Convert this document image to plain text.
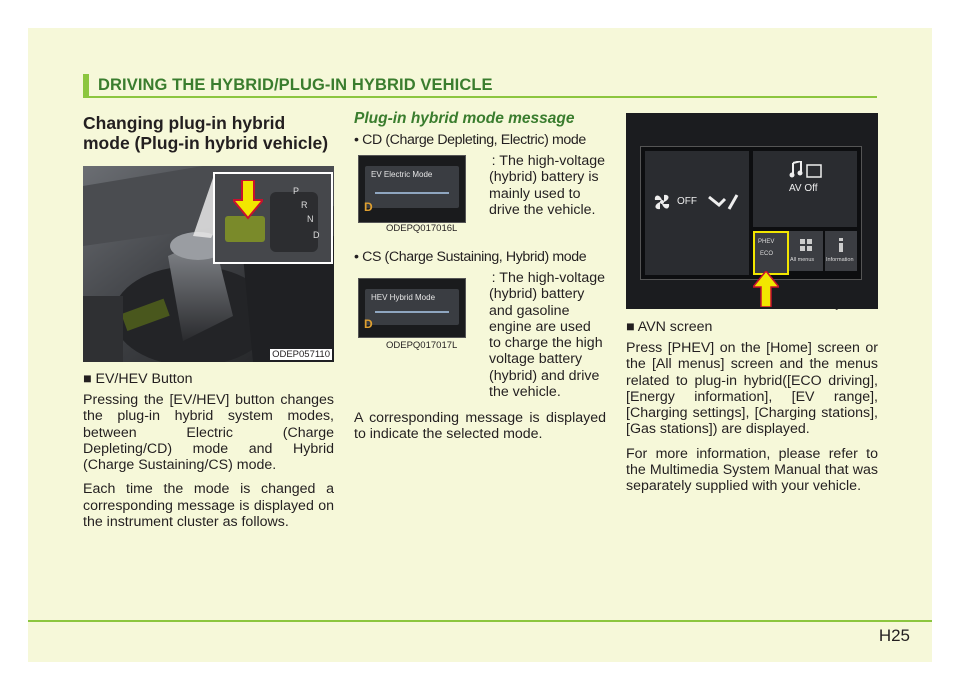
DRIVING THE HYBRID/PLUG-IN HYBRID VEHICLE
Changing plug-in hybrid mode (Plug-in hybrid vehicle)
P
R
N
D
ODEP057110
■ EV/HEV Button

Pressing the [EV/HEV] button changes the plug-in hybrid system modes, between Electric (Charge Depleting/CD) mode and Hybrid (Charge Sustaining/CS) mode.

Each time the mode is changed a corresponding message is displayed on the instrument cluster as follows.

Plug-in hybrid mode message
• CD (Charge Depleting, Electric) mode
EV Electric Mode
D
ODEPQ017016L
: The high-voltage
(hybrid) battery is
mainly used to
drive the vehicle.
• CS (Charge Sustaining, Hybrid) mode
HEV Hybrid Mode
D
ODEPQ017017L
: The high-voltage
(hybrid) battery
and gasoline
engine are used
to charge the high
voltage battery
(hybrid) and drive
the vehicle.

A corresponding message is displayed to indicate the selected mode.

OFF
AV Off
PHEV
ECO
All menus Information
■ AVN screen

Press [PHEV] on the [Home] screen or the [All menus] screen and the menus related to plug-in hybrid([ECO driving], [Energy information], [EV range], [Charging settings], [Charging stations], [Gas stations]) are displayed.

For more information, please refer to the Multimedia System Manual that was separately supplied with your vehicle.

H25
